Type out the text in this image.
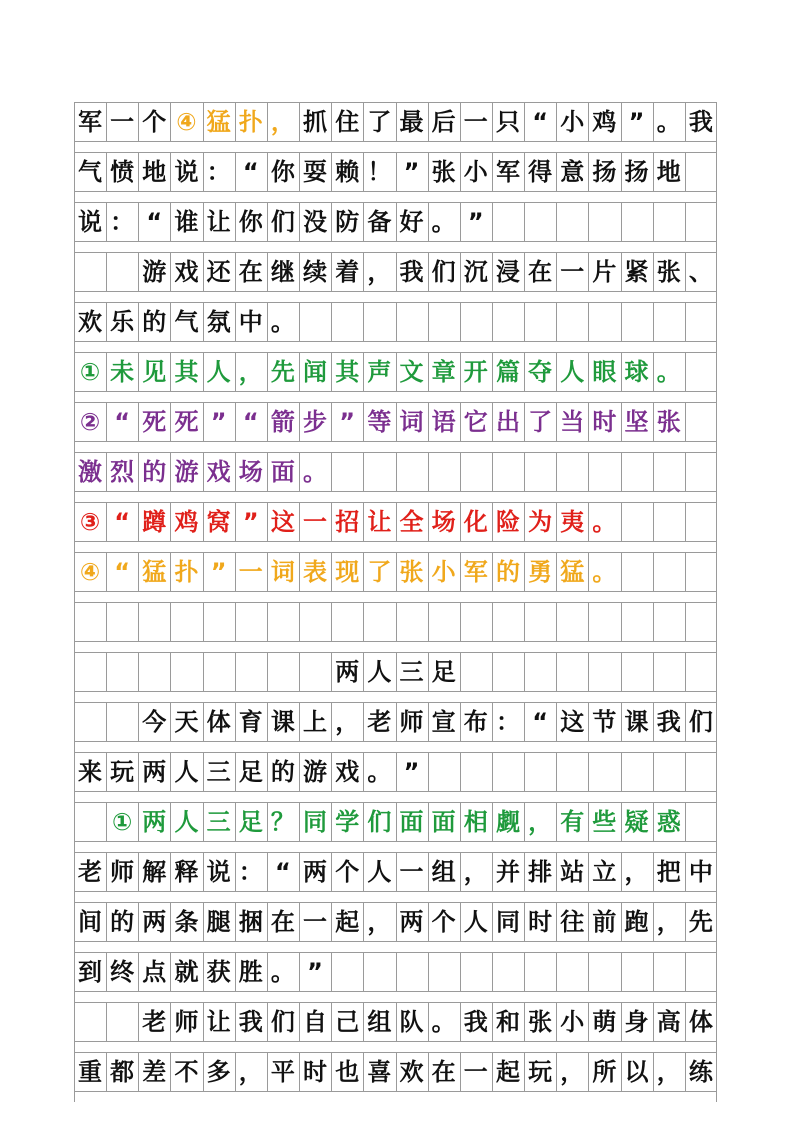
军 一 个 ④ 猛 扑 ， 抓 住 了 最 后 一 只 “ 小 鸡 ” 。 我
气 愤 地 说 ： “ 你 耍 赖 ！ ” 张 小 军 得 意 扬 扬 地
说 ： “ 谁 让 你 们 没 防 备 好 。 ”
游 戏 还 在 继 续 着 ， 我 们 沉 浸 在 一 片 紧 张 、
欢 乐 的 气 氛 中 。
① 未 见 其 人 ， 先 闻 其 声 文 章 开 篇 夺 人 眼 球 。
② “ 死 死 ” “ 箭 步 ” 等 词 语 它 出 了 当 时 坚 张
激 烈 的 游 戏 场 面 。
③ “ 蹲 鸡 窝 ” 这 一 招 让 全 场 化 险 为 夷 。
④ “ 猛 扑 ” 一 词 表 现 了 张 小 军 的 勇 猛 。
两 人 三 足
今 天 体 育 课 上 ， 老 师 宣 布 ： “ 这 节 课 我 们
来 玩 两 人 三 足 的 游 戏 。 ”
① 两 人 三 足 ？ 同 学 们 面 面 相 觑 ， 有 些 疑 惑
老 师 解 释 说 ： “ 两 个 人 一 组 ， 并 排 站 立 ， 把 中
间 的 两 条 腿 捆 在 一 起 ， 两 个 人 同 时 往 前 跑 ， 先
到 终 点 就 获 胜 。 ”
老 师 让 我 们 自 己 组 队 。 我 和 张 小 萌 身 高 体
重 都 差 不 多 ， 平 时 也 喜 欢 在 一 起 玩 ， 所 以 ， 练
